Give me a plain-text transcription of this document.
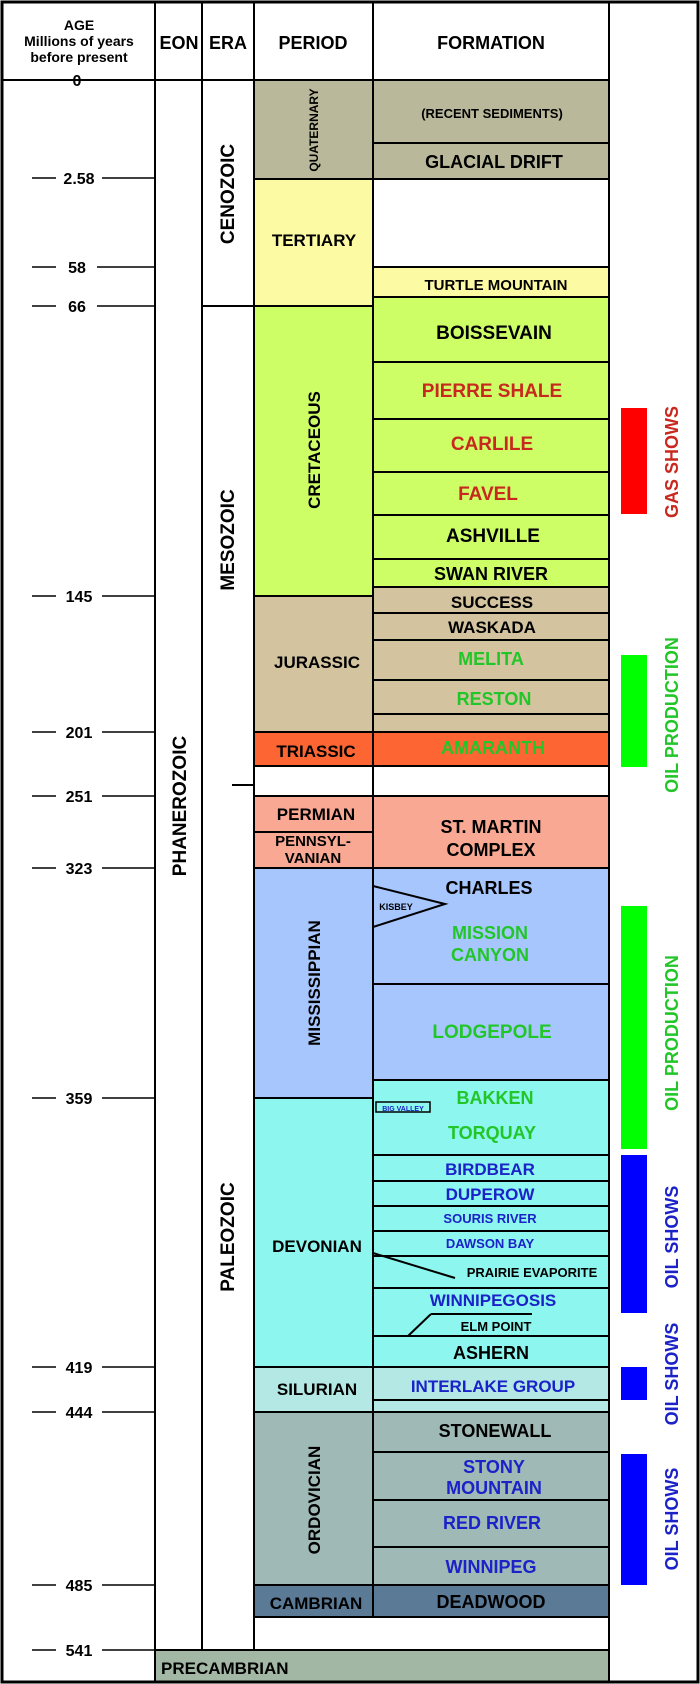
0
2.58
58
66
145
201
251
323
359
419
444
485
541
AGE
Millions of years
before present
EON ERA PERIOD	FORMATION
PHANEROZOIC
PRECAMBRIAN
CENOZOIC
MESOZOIC
PALEOZOIC
QUATERNARY
TERTIARY
CRETACEOUS
JURASSIC
TRIASSIC
PERMIAN
PENNSYL-
VANIAN
MISSISSIPPIAN
DEVONIAN
SILURIAN
ORDOVICIAN
CAMBRIAN
(RECENT SEDIMENTS)
GLACIAL DRIFT
TURTLE MOUNTAIN
BOISSEVAIN
PIERRE SHALE
CARLILE
FAVEL
ASHVILLE
SWAN RIVER
SUCCESS
WASKADA
MELITA
RESTON
AMARANTH
ST. MARTIN
COMPLEX
CHARLES
KISBEY
MISSION
CANYON
LODGEPOLE
BAKKEN
BIG VALLEY
TORQUAY
BIRDBEAR
DUPEROW
SOURIS RIVER
DAWSON BAY
PRAIRIE EVAPORITE
WINNIPEGOSIS
ELM POINT
ASHERN
INTERLAKE GROUP
STONEWALL
STONY
MOUNTAIN
RED RIVER
WINNIPEG
DEADWOOD
GAS SHOWS
OIL PRODUCTION
OIL PRODUCTION
OIL SHOWS
OIL SHOWS
OIL SHOWS
